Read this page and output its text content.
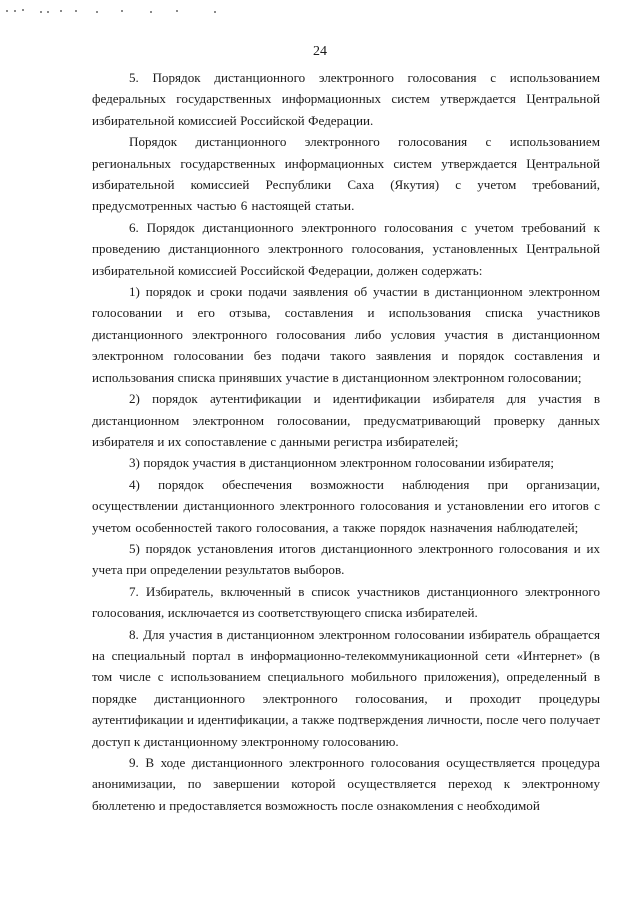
24

5. Порядок дистанционного электронного голосования с использованием федеральных государственных информационных систем утверждается Центральной избирательной комиссией Российской Федерации.

Порядок дистанционного электронного голосования с использованием региональных государственных информационных систем утверждается Центральной избирательной комиссией Республики Саха (Якутия) с учетом требований, предусмотренных частью 6 настоящей статьи.

6. Порядок дистанционного электронного голосования с учетом требований к проведению дистанционного электронного голосования, установленных Центральной избирательной комиссией Российской Федерации, должен содержать:

1) порядок и сроки подачи заявления об участии в дистанционном электронном голосовании и его отзыва, составления и использования списка участников дистанционного электронного голосования либо условия участия в дистанционном электронном голосовании без подачи такого заявления и порядок составления и использования списка принявших участие в дистанционном электронном голосовании;

2) порядок аутентификации и идентификации избирателя для участия в дистанционном электронном голосовании, предусматривающий проверку данных избирателя и их сопоставление с данными регистра избирателей;

3) порядок участия в дистанционном электронном голосовании избирателя;

4) порядок обеспечения возможности наблюдения при организации, осуществлении дистанционного электронного голосования и установлении его итогов с учетом особенностей такого голосования, а также порядок назначения наблюдателей;

5) порядок установления итогов дистанционного электронного голосования и их учета при определении результатов выборов.

7. Избиратель, включенный в список участников дистанционного электронного голосования, исключается из соответствующего списка избирателей.

8. Для участия в дистанционном электронном голосовании избиратель обращается на специальный портал в информационно-телекоммуникационной сети «Интернет» (в том числе с использованием специального мобильного приложения), определенный в порядке дистанционного электронного голосования, и проходит процедуры аутентификации и идентификации, а также подтверждения личности, после чего получает доступ к дистанционному электронному голосованию.

9. В ходе дистанционного электронного голосования осуществляется процедура анонимизации, по завершении которой осуществляется переход к электронному бюллетеню и предоставляется возможность после ознакомления с необходимой
